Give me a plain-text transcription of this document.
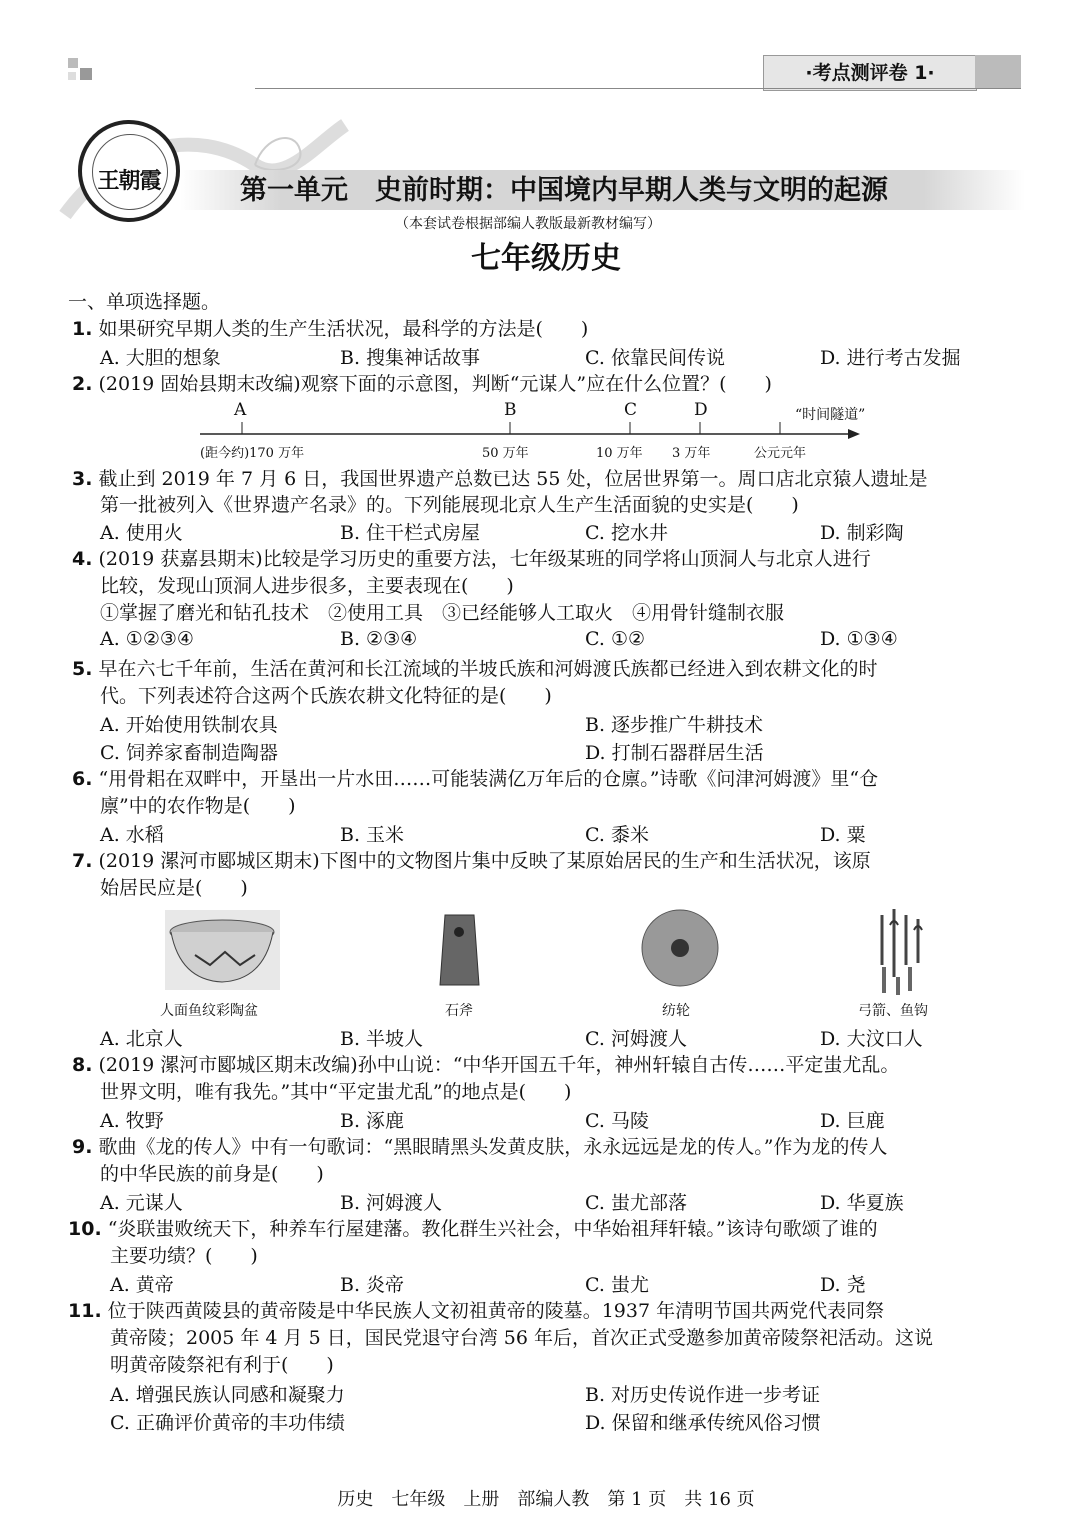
·考点测评卷 1·
王朝霞	第一单元　史前时期：中国境内早期人类与文明的起源
（本套试卷根据部编人教版最新教材编写）
七年级历史
一、单项选择题。
1. 如果研究早期人类的生产生活状况，最科学的方法是(　　)
A. 大胆的想象	B. 搜集神话故事	C. 依靠民间传说	D. 进行考古发掘
2. (2019 固始县期末改编)观察下面的示意图，判断“元谋人”应在什么位置？(　　)
A	B	C	D	“时间隧道”
(距今约)170 万年	50 万年	10 万年 3 万年	公元元年
3. 截止到 2019 年 7 月 6 日，我国世界遗产总数已达 55 处，位居世界第一。周口店北京猿人遗址是
第一批被列入《世界遗产名录》的。下列能展现北京人生产生活面貌的史实是(　　)
A. 使用火	B. 住干栏式房屋	C. 挖水井	D. 制彩陶
4. (2019 获嘉县期末)比较是学习历史的重要方法，七年级某班的同学将山顶洞人与北京人进行
比较，发现山顶洞人进步很多，主要表现在(　　)
①掌握了磨光和钻孔技术　②使用工具　③已经能够人工取火　④用骨针缝制衣服
A. ①②③④	B. ②③④	C. ①②	D. ①③④
5. 早在六七千年前，生活在黄河和长江流域的半坡氏族和河姆渡氏族都已经进入到农耕文化的时
代。下列表述符合这两个氏族农耕文化特征的是(　　)
A. 开始使用铁制农具	B. 逐步推广牛耕技术
C. 饲养家畜制造陶器	D. 打制石器群居生活
6. “用骨耜在双畔中，开垦出一片水田……可能装满亿万年后的仓廪。”诗歌《问津河姆渡》里“仓
廪”中的农作物是(　　)
A. 水稻	B. 玉米	C. 黍米	D. 粟
7. (2019 漯河市郾城区期末)下图中的文物图片集中反映了某原始居民的生产和生活状况，该原
始居民应是(　　)
人面鱼纹彩陶盆	石斧	纺轮	弓箭、鱼钩
A. 北京人	B. 半坡人	C. 河姆渡人	D. 大汶口人
8. (2019 漯河市郾城区期末改编)孙中山说：“中华开国五千年，神州轩辕自古传……平定蚩尤乱。
世界文明，唯有我先。”其中“平定蚩尤乱”的地点是(　　)
A. 牧野	B. 涿鹿	C. 马陵	D. 巨鹿
9. 歌曲《龙的传人》中有一句歌词：“黑眼睛黑头发黄皮肤，永永远远是龙的传人。”作为龙的传人
的中华民族的前身是(　　)
A. 元谋人	B. 河姆渡人	C. 蚩尤部落	D. 华夏族
10. “炎联蚩败统天下，种养车行屋建藩。教化群生兴社会，中华始祖拜轩辕。”该诗句歌颂了谁的
主要功绩？(　　)
A. 黄帝	B. 炎帝	C. 蚩尤	D. 尧
11. 位于陕西黄陵县的黄帝陵是中华民族人文初祖黄帝的陵墓。1937 年清明节国共两党代表同祭
黄帝陵；2005 年 4 月 5 日，国民党退守台湾 56 年后，首次正式受邀参加黄帝陵祭祀活动。这说
明黄帝陵祭祀有利于(　　)
A. 增强民族认同感和凝聚力	B. 对历史传说作进一步考证
C. 正确评价黄帝的丰功伟绩	D. 保留和继承传统风俗习惯
历史　七年级　上册　部编人教　第 1 页　共 16 页
